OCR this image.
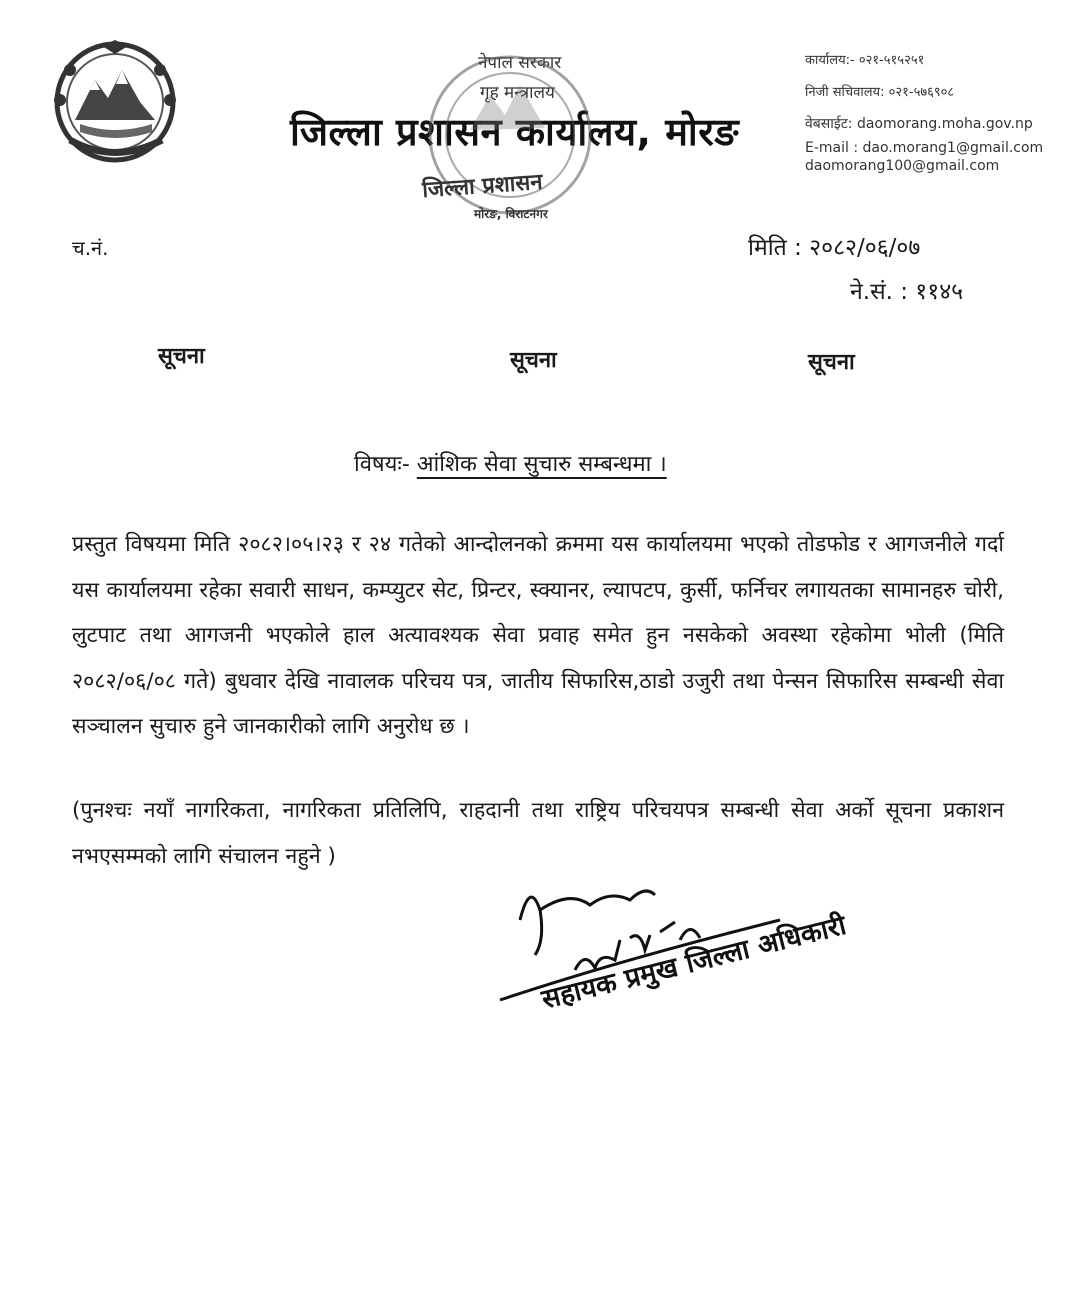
नेपाल सरकार
गृह मन्त्रालय
जिल्ला प्रशासन कार्यालय, मोरङ
जिल्ला प्रशासन
मोरङ, विराटनगर
कार्यालय:- ०२१-५१५२५१
निजी सचिवालय: ०२१-५७६९०८
वेबसाईट: daomorang.moha.gov.np
E-mail : dao.morang1@gmail.com
daomorang100@gmail.com
च.नं.	मिति : २०८२/०६/०७
ने.सं. : ११४५
सूचना	सूचना	सूचना
विषयः- आंशिक सेवा सुचारु सम्बन्धमा ।
प्रस्तुत विषयमा मिति २०८२।०५।२३ र २४ गतेको आन्दोलनको क्रममा यस कार्यालयमा भएको तोडफोड र आगजनीले गर्दा यस कार्यालयमा रहेका सवारी साधन, कम्प्युटर सेट, प्रिन्टर, स्क्यानर, ल्यापटप, कुर्सी, फर्निचर लगायतका सामानहरु चोरी, लुटपाट तथा आगजनी भएकोले हाल अत्यावश्यक सेवा प्रवाह समेत हुन नसकेको अवस्था रहेकोमा भोली (मिति २०८२/०६/०८ गते) बुधवार देखि नावालक परिचय पत्र, जातीय सिफारिस,ठाडो उजुरी तथा पेन्सन सिफारिस सम्बन्धी सेवा सञ्चालन सुचारु हुने जानकारीको लागि अनुरोध छ ।
(पुनश्चः नयाँ नागरिकता, नागरिकता प्रतिलिपि, राहदानी तथा राष्ट्रिय परिचयपत्र सम्बन्धी सेवा अर्को सूचना प्रकाशन नभएसम्मको लागि संचालन नहुने )
सहायक प्रमुख जिल्ला अधिकारी
